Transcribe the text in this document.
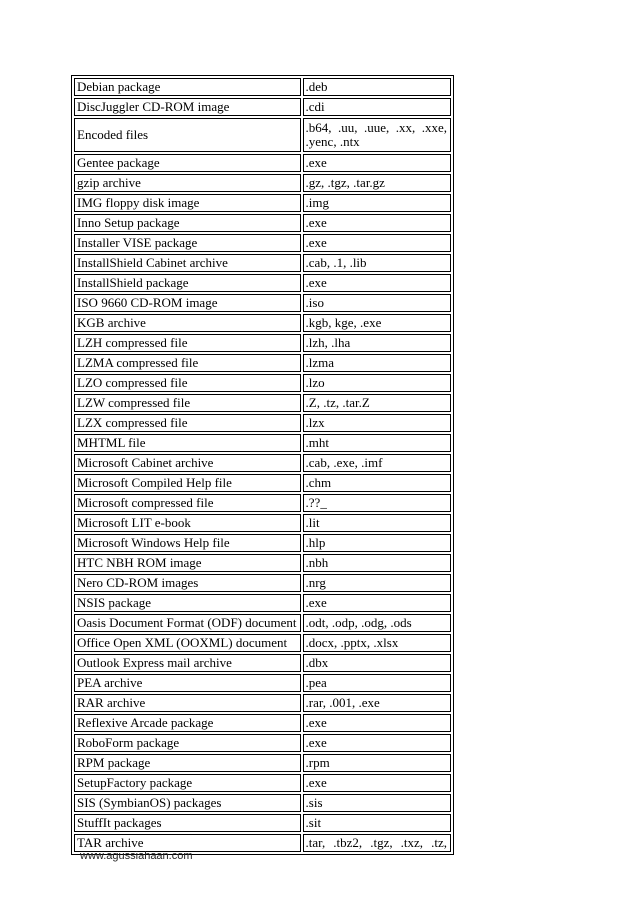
Debian package	.deb
DiscJuggler CD-ROM image	.cdi
Encoded files	.b64, .uu, .uue, .xx, .xxe, .yenc, .ntx
Gentee package	.exe
gzip archive	.gz, .tgz, .tar.gz
IMG floppy disk image	.img
Inno Setup package	.exe
Installer VISE package	.exe
InstallShield Cabinet archive	.cab, .1, .lib
InstallShield package	.exe
ISO 9660 CD-ROM image	.iso
KGB archive	.kgb, kge, .exe
LZH compressed file	.lzh, .lha
LZMA compressed file	.lzma
LZO compressed file	.lzo
LZW compressed file	.Z, .tz, .tar.Z
LZX compressed file	.lzx
MHTML file	.mht
Microsoft Cabinet archive	.cab, .exe, .imf
Microsoft Compiled Help file	.chm
Microsoft compressed file	.??_
Microsoft LIT e-book	.lit
Microsoft Windows Help file	.hlp
HTC NBH ROM image	.nbh
Nero CD-ROM images	.nrg
NSIS package	.exe
Oasis Document Format (ODF) document	.odt, .odp, .odg, .ods
Office Open XML (OOXML) document	.docx, .pptx, .xlsx
Outlook Express mail archive	.dbx
PEA archive	.pea
RAR archive	.rar, .001, .exe
Reflexive Arcade package	.exe
RoboForm package	.exe
RPM package	.rpm
SetupFactory package	.exe
SIS (SymbianOS) packages	.sis
StuffIt packages	.sit
TAR archive	.tar, .tbz2, .tgz, .txz, .tz,
www.agussiahaan.com
